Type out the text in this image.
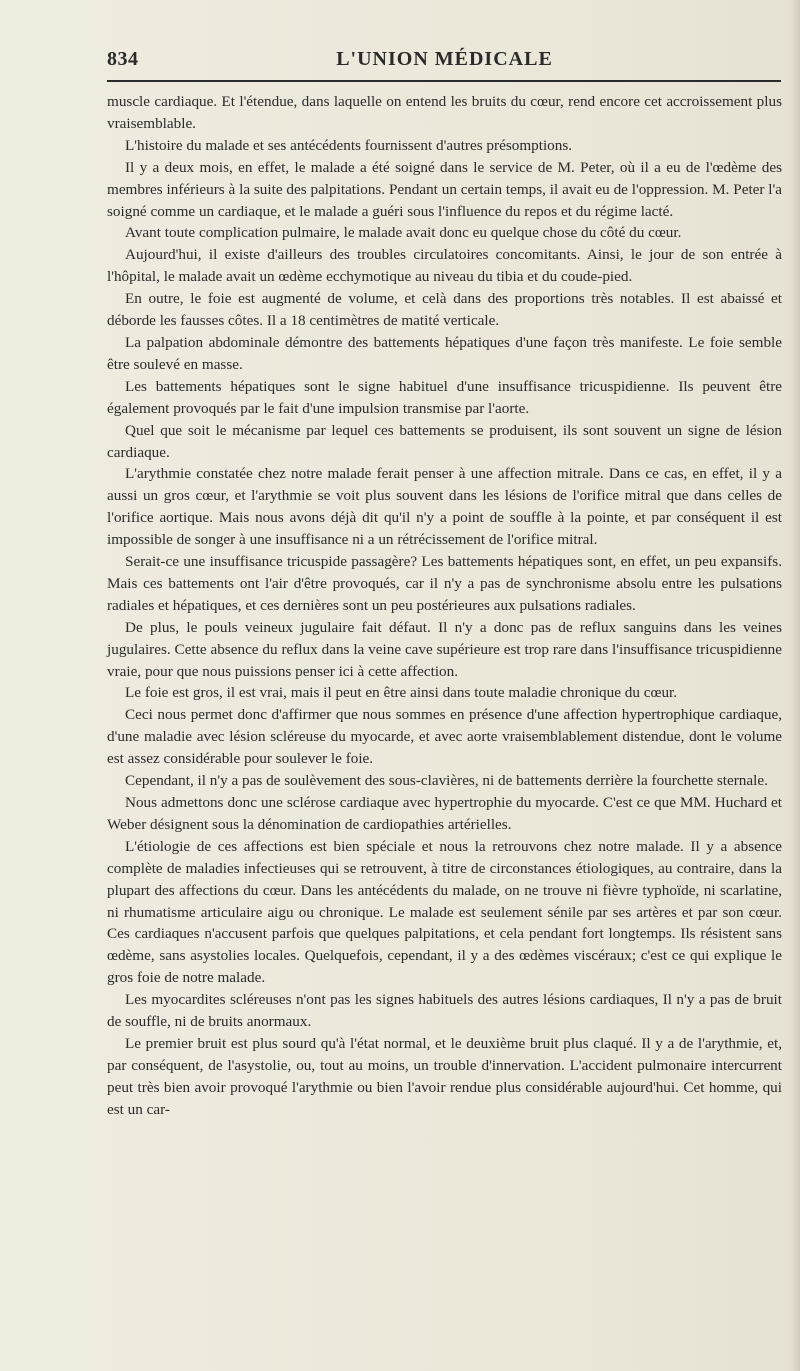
834	L'UNION MÉDICALE

muscle cardiaque. Et l'étendue, dans laquelle on entend les bruits du cœur, rend encore cet accroissement plus vraisemblable.

L'histoire du malade et ses antécédents fournissent d'autres présomptions.

Il y a deux mois, en effet, le malade a été soigné dans le service de M. Peter, où il a eu de l'œdème des membres inférieurs à la suite des palpitations. Pendant un certain temps, il avait eu de l'oppression. M. Peter l'a soigné comme un cardiaque, et le malade a guéri sous l'influence du repos et du régime lacté.

Avant toute complication pulmaire, le malade avait donc eu quelque chose du côté du cœur.

Aujourd'hui, il existe d'ailleurs des troubles circulatoires concomitants. Ainsi, le jour de son entrée à l'hôpital, le malade avait un œdème ecchymotique au niveau du tibia et du coude-pied.

En outre, le foie est augmenté de volume, et celà dans des proportions très notables. Il est abaissé et déborde les fausses côtes. Il a 18 centimètres de matité verticale.

La palpation abdominale démontre des battements hépatiques d'une façon très manifeste. Le foie semble être soulevé en masse.

Les battements hépatiques sont le signe habituel d'une insuffisance tricuspidienne. Ils peuvent être également provoqués par le fait d'une impulsion transmise par l'aorte.

Quel que soit le mécanisme par lequel ces battements se produisent, ils sont souvent un signe de lésion cardiaque.

L'arythmie constatée chez notre malade ferait penser à une affection mitrale. Dans ce cas, en effet, il y a aussi un gros cœur, et l'arythmie se voit plus souvent dans les lésions de l'orifice mitral que dans celles de l'orifice aortique. Mais nous avons déjà dit qu'il n'y a point de souffle à la pointe, et par conséquent il est impossible de songer à une insuffisance ni a un rétrécissement de l'orifice mitral.

Serait-ce une insuffisance tricuspide passagère? Les battements hépatiques sont, en effet, un peu expansifs. Mais ces battements ont l'air d'être provoqués, car il n'y a pas de synchronisme absolu entre les pulsations radiales et hépatiques, et ces dernières sont un peu postérieures aux pulsations radiales.

De plus, le pouls veineux jugulaire fait défaut. Il n'y a donc pas de reflux sanguins dans les veines jugulaires. Cette absence du reflux dans la veine cave supérieure est trop rare dans l'insuffisance tricuspidienne vraie, pour que nous puissions penser ici à cette affection.

Le foie est gros, il est vrai, mais il peut en être ainsi dans toute maladie chronique du cœur.

Ceci nous permet donc d'affirmer que nous sommes en présence d'une affection hypertrophique cardiaque, d'une maladie avec lésion scléreuse du myocarde, et avec aorte vraisemblablement distendue, dont le volume est assez considérable pour soulever le foie.

Cependant, il n'y a pas de soulèvement des sous-clavières, ni de battements derrière la fourchette sternale.

Nous admettons donc une sclérose cardiaque avec hypertrophie du myocarde. C'est ce que MM. Huchard et Weber désignent sous la dénomination de cardiopathies artérielles.

L'étiologie de ces affections est bien spéciale et nous la retrouvons chez notre malade. Il y a absence complète de maladies infectieuses qui se retrouvent, à titre de circonstances étiologiques, au contraire, dans la plupart des affections du cœur. Dans les antécédents du malade, on ne trouve ni fièvre typhoïde, ni scarlatine, ni rhumatisme articulaire aigu ou chronique. Le malade est seulement sénile par ses artères et par son cœur. Ces cardiaques n'accusent parfois que quelques palpitations, et cela pendant fort longtemps. Ils résistent sans œdème, sans asystolies locales. Quelquefois, cependant, il y a des œdèmes viscéraux; c'est ce qui explique le gros foie de notre malade.

Les myocardites scléreuses n'ont pas les signes habituels des autres lésions cardiaques, Il n'y a pas de bruit de souffle, ni de bruits anormaux.

Le premier bruit est plus sourd qu'à l'état normal, et le deuxième bruit plus claqué. Il y a de l'arythmie, et, par conséquent, de l'asystolie, ou, tout au moins, un trouble d'innervation. L'accident pulmonaire intercurrent peut très bien avoir provoqué l'arythmie ou bien l'avoir rendue plus considérable aujourd'hui. Cet homme, qui est un car-
